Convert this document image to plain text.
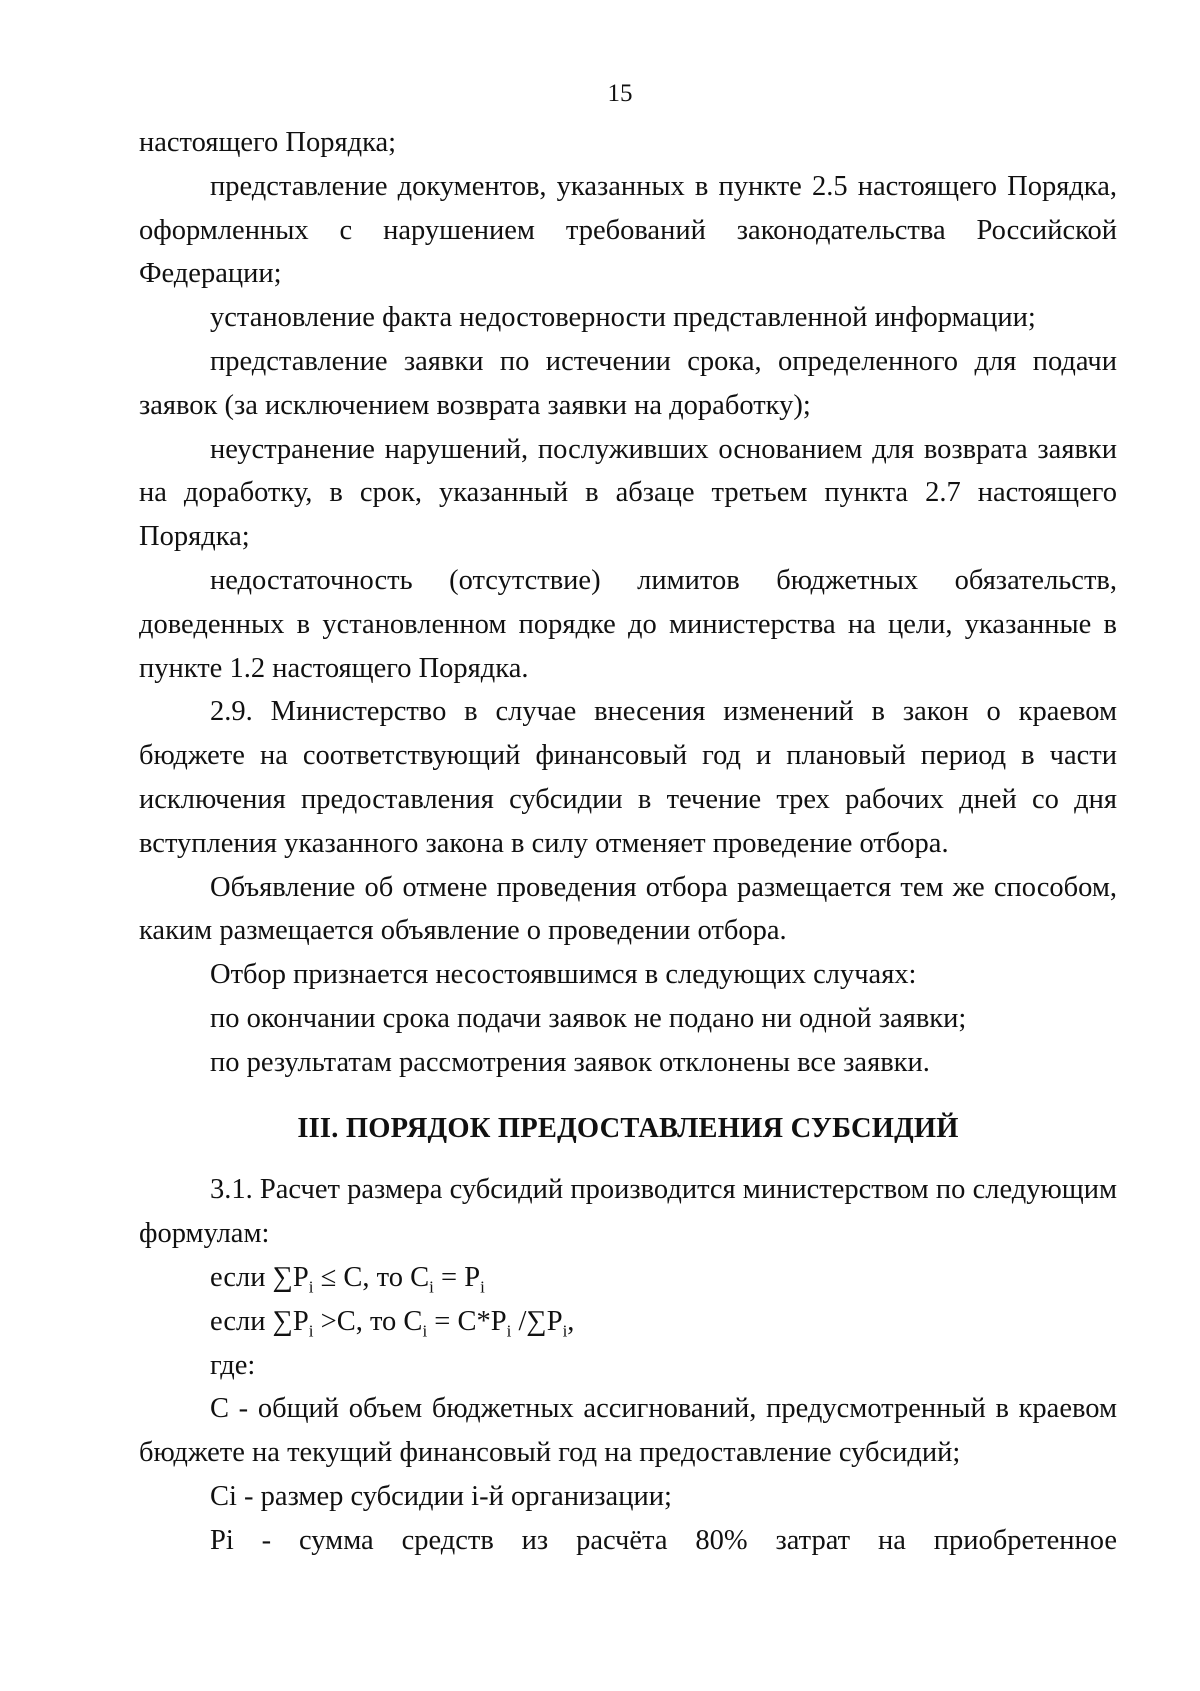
15

настоящего Порядка;

представление документов, указанных в пункте 2.5 настоящего Порядка, оформленных с нарушением требований законодательства Российской Федерации;

установление факта недостоверности представленной информации;

представление заявки по истечении срока, определенного для подачи заявок (за исключением возврата заявки на доработку);

неустранение нарушений, послуживших основанием для возврата заявки на доработку, в срок, указанный в абзаце третьем пункта 2.7 настоящего Порядка;

недостаточность (отсутствие) лимитов бюджетных обязательств, доведенных в установленном порядке до министерства на цели, указанные в пункте 1.2 настоящего Порядка.

2.9. Министерство в случае внесения изменений в закон о краевом бюджете на соответствующий финансовый год и плановый период в части исключения предоставления субсидии в течение трех рабочих дней со дня вступления указанного закона в силу отменяет проведение отбора.

Объявление об отмене проведения отбора размещается тем же способом, каким размещается объявление о проведении отбора.

Отбор признается несостоявшимся в следующих случаях:

по окончании срока подачи заявок не подано ни одной заявки;

по результатам рассмотрения заявок отклонены все заявки.

III. ПОРЯДОК ПРЕДОСТАВЛЕНИЯ СУБСИДИЙ

3.1. Расчет размера субсидий производится министерством по следующим формулам:

если $\sum P_i \le C$, то $C_i = P_i$

если $\sum P_i >C$, то $C_i = C*P_i$ $/\sum P_i$,

где:

C - общий объем бюджетных ассигнований, предусмотренный в краевом бюджете на текущий финансовый год на предоставление субсидий;

Ci - размер субсидии i-й организации;

Pi - сумма средств из расчёта 80% затрат на приобретенное
